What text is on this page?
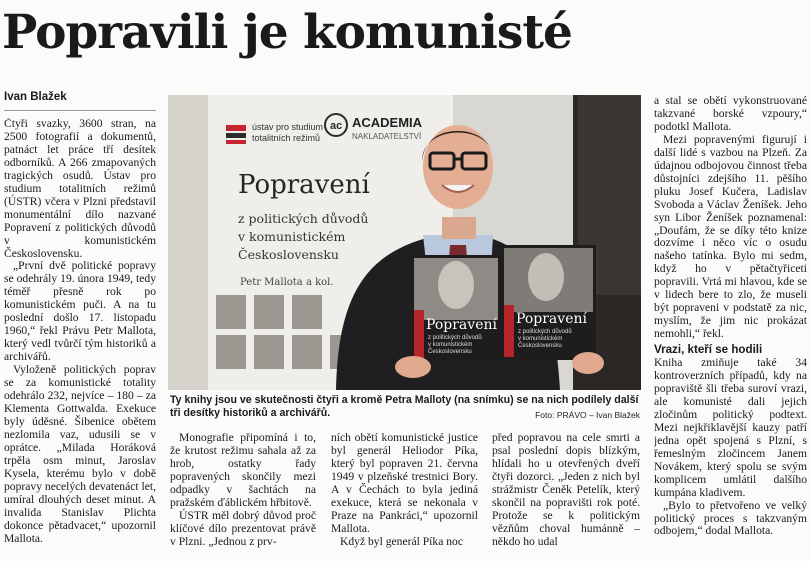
Popravili je komunisté
Ivan Blažek

Čtyři svazky, 3600 stran, na 2500 fotografií a dokumentů, patnáct let práce tří desítek odborníků. A 266 zmapovaných tragických osudů. Ústav pro studium totalitních režimů (ÚSTR) včera v Plzni představil monumentální dílo nazvané Popravení z politických důvodů v komunistickém Československu.

„První dvě politické popravy se odehrály 19. února 1949, tedy téměř přesně rok po komunistickém puči. A na tu poslední došlo 17. listopadu 1960,“ řekl Právu Petr Mallota, který vedl tvůrčí tým historiků a archivářů.

Vyloženě politických poprav se za komunistické totality odehrálo 232, nejvíce – 180 – za Klementa Gottwalda. Exekuce byly úděsné. Šibenice obětem nezlomila vaz, udusili se v oprátce. „Milada Horáková trpěla osm minut, Jaroslav Kysela, kterému bylo v době popravy necelých devatenáct let, umíral dlouhých deset minut. A invalida Stanislav Plichta dokonce pětadvacet,“ upozornil Mallota.

ústav pro studium
totalitních režimů
ac ACADEMIA
NAKLADATELSTVÍ
Popravení
z politických důvodů
v komunistickém
Československu
Petr Mallota a kol.
Popravení
z politických důvodů
v komunistickém
Československu
Popravení
z politických důvodů
v komunistickém
Československu
Ty knihy jsou ve skutečnosti čtyři a kromě Petra Malloty (na snímku) se na nich podílely další tři desítky historiků a archivářů.	Foto: PRÁVO – Ivan Blažek

Monografie připomíná i to, že krutost režimu sahala až za hrob, ostatky řady popravených skončily mezi odpadky v šachtách na pražském ďáblickém hřbitově.

ÚSTR měl dobrý důvod proč klíčové dílo prezentovat právě v Plzni. „Jednou z prv-

ních obětí komunistické justice byl generál Heliodor Píka, který byl popraven 21. června 1949 v plzeňské trestnici Bory. A v Čechách to byla jediná exekuce, která se nekonala v Praze na Pankráci,“ upozornil Mallota.

Když byl generál Píka noc

před popravou na cele smrti a psal poslední dopis blízkým, hlídali ho u otevřených dveří čtyři dozorci. „Jeden z nich byl strážmistr Čeněk Petelík, který skončil na popravišti rok poté. Protože se k politickým vězňům choval humánně – někdo ho udal

a stal se obětí vykonstruované takzvané borské vzpoury,“ podotkl Mallota.

Mezi popravenými figurují i další lidé s vazbou na Plzeň. Za údajnou odbojovou činnost třeba důstojníci zdejšího 11. pěšího pluku Josef Kučera, Ladislav Svoboda a Václav Ženíšek. Jeho syn Libor Ženíšek poznamenal: „Doufám, že se díky této knize dozvíme i něco víc o osudu našeho tatínka. Bylo mi sedm, když ho v pětačtyřiceti popravili. Vrtá mi hlavou, kde se v lidech bere to zlo, že museli být popraveni v podstatě za nic, myslím, že jim nic prokázat nemohli,“ řekl.

Vrazi, kteří se hodili

Kniha zmiňuje také 34 kontroverzních případů, kdy na popraviště šli třeba suroví vrazi, ale komunisté dali jejich zločinům politický podtext. Mezi nejkřiklavější kauzy patří jedna opět spojená s Plzní, s řemeslným zločincem Janem Novákem, který spolu se svým komplicem umlátil dalšího kumpána kladivem.

„Bylo to přetvořeno ve velký politický proces s takzvaným odbojem,“ dodal Mallota.
